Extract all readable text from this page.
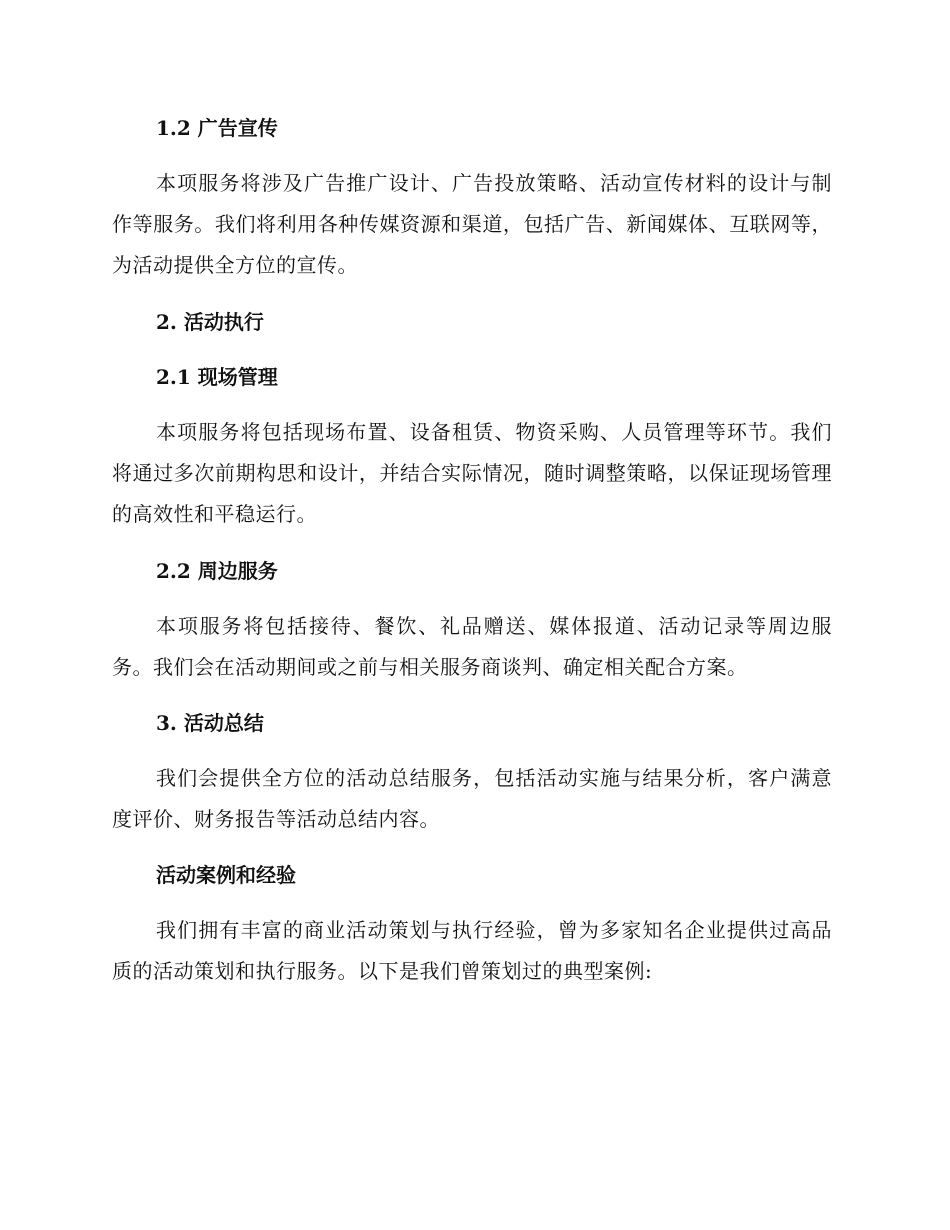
1.2 广告宣传
本项服务将涉及广告推广设计、广告投放策略、活动宣传材料的设计与制作等服务。我们将利用各种传媒资源和渠道，包括广告、新闻媒体、互联网等，为活动提供全方位的宣传。
2. 活动执行
2.1 现场管理
本项服务将包括现场布置、设备租赁、物资采购、人员管理等环节。我们将通过多次前期构思和设计，并结合实际情况，随时调整策略，以保证现场管理的高效性和平稳运行。
2.2 周边服务
本项服务将包括接待、餐饮、礼品赠送、媒体报道、活动记录等周边服务。我们会在活动期间或之前与相关服务商谈判、确定相关配合方案。
3. 活动总结
我们会提供全方位的活动总结服务，包括活动实施与结果分析，客户满意度评价、财务报告等活动总结内容。
活动案例和经验
我们拥有丰富的商业活动策划与执行经验，曾为多家知名企业提供过高品质的活动策划和执行服务。以下是我们曾策划过的典型案例:
